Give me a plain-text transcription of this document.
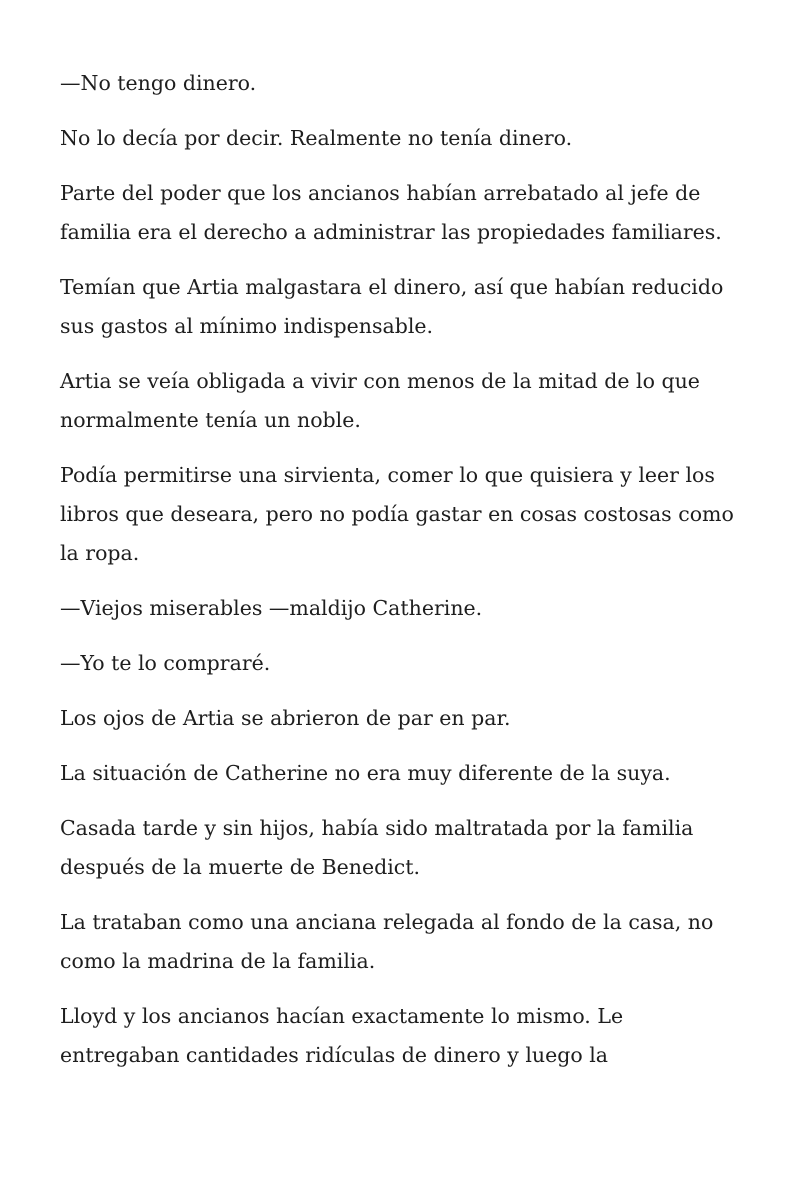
—No tengo dinero.

No lo decía por decir. Realmente no tenía dinero.

Parte del poder que los ancianos habían arrebatado al jefe de familia era el derecho a administrar las propiedades familiares.

Temían que Artia malgastara el dinero, así que habían reducido sus gastos al mínimo indispensable.

Artia se veía obligada a vivir con menos de la mitad de lo que normalmente tenía un noble.

Podía permitirse una sirvienta, comer lo que quisiera y leer los libros que deseara, pero no podía gastar en cosas costosas como la ropa.

—Viejos miserables —maldijo Catherine.

—Yo te lo compraré.

Los ojos de Artia se abrieron de par en par.

La situación de Catherine no era muy diferente de la suya.

Casada tarde y sin hijos, había sido maltratada por la familia después de la muerte de Benedict.

La trataban como una anciana relegada al fondo de la casa, no como la madrina de la familia.

Lloyd y los ancianos hacían exactamente lo mismo. Le entregaban cantidades ridículas de dinero y luego la
